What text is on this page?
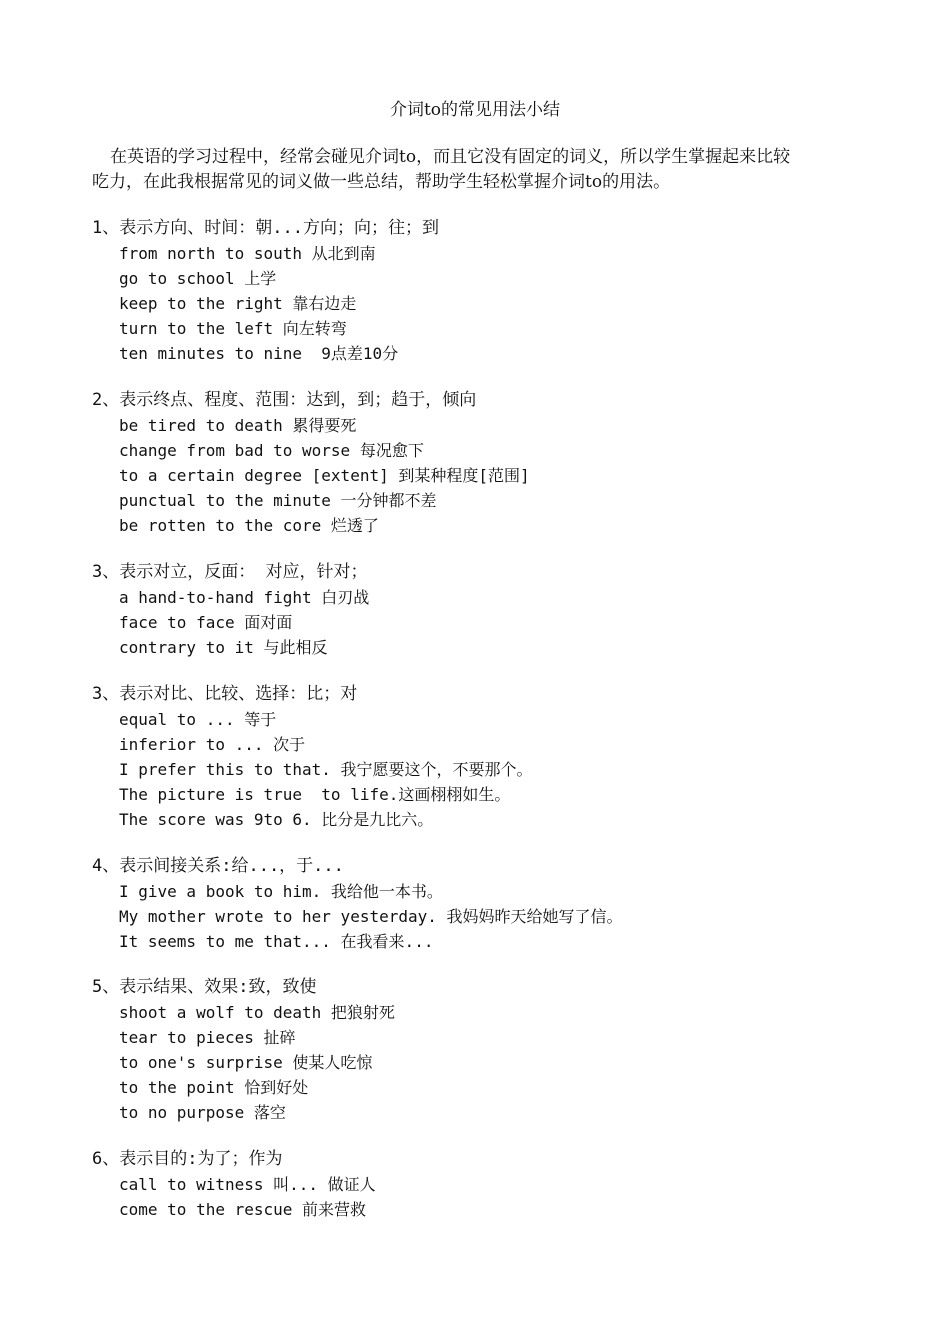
介词to的常见用法小结

在英语的学习过程中，经常会碰见介词to，而且它没有固定的词义，所以学生掌握起来比较

吃力，在此我根据常见的词义做一些总结，帮助学生轻松掌握介词to的用法。

1、表示方向、时间：朝...方向；向；往；到
from north to south 从北到南
go to school 上学
keep to the right 靠右边走
turn to the left 向左转弯
ten minutes to nine  9点差10分
2、表示终点、程度、范围：达到，到；趋于，倾向
be tired to death 累得要死
change from bad to worse 每况愈下
to a certain degree [extent] 到某种程度[范围]
punctual to the minute 一分钟都不差
be rotten to the core 烂透了
3、表示对立，反面： 对应，针对；
a hand-to-hand fight 白刃战
face to face 面对面
contrary to it 与此相反
3、表示对比、比较、选择：比；对
equal to ... 等于
inferior to ... 次于
I prefer this to that. 我宁愿要这个，不要那个。
The picture is true  to life.这画栩栩如生。
The score was 9to 6. 比分是九比六。
4、表示间接关系:给...，于...
I give a book to him. 我给他一本书。
My mother wrote to her yesterday. 我妈妈昨天给她写了信。
It seems to me that... 在我看来...
5、表示结果、效果:致，致使
shoot a wolf to death 把狼射死
tear to pieces 扯碎
to one's surprise 使某人吃惊
to the point 恰到好处
to no purpose 落空
6、表示目的:为了；作为
call to witness 叫... 做证人
come to the rescue 前来营救
